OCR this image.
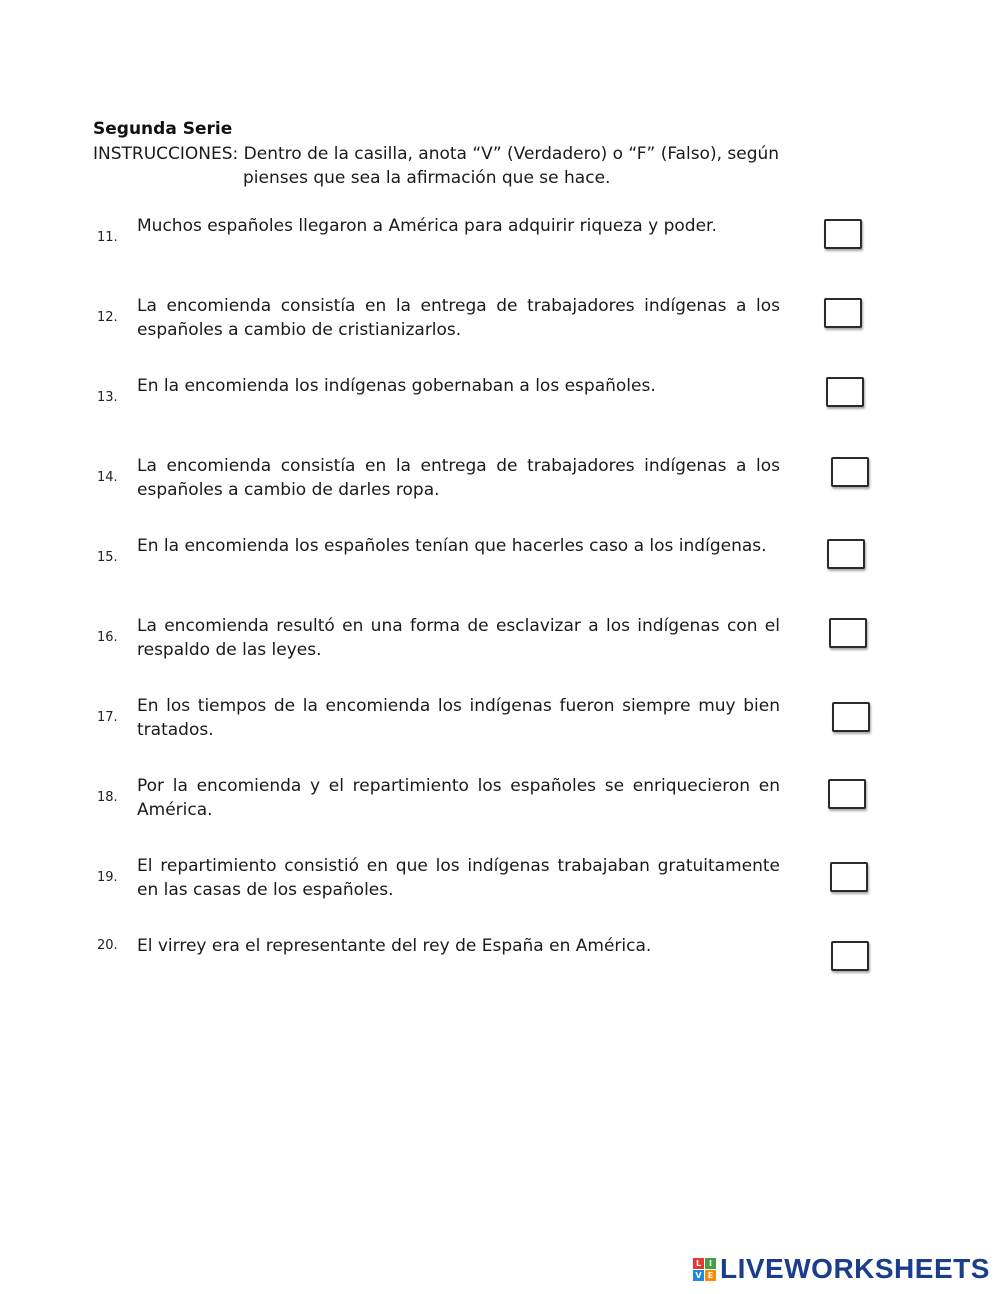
Segunda Serie
INSTRUCCIONES: Dentro de la casilla, anota “V” (Verdadero) o “F” (Falso), según
pienses que sea la afirmación que se hace.
11.
Muchos españoles llegaron a América para adquirir riqueza y poder.
12.
La encomienda consistía en la entrega de trabajadores indígenas a los españoles a cambio de cristianizarlos.
13.
En la encomienda los indígenas gobernaban a los españoles.
14.
La encomienda consistía en la entrega de trabajadores indígenas a los españoles a cambio de darles ropa.
15.
En la encomienda los españoles tenían que hacerles caso a los indígenas.
16.
La encomienda resultó en una forma de esclavizar a los indígenas con el respaldo de las leyes.
17.
En los tiempos de la encomienda los indígenas fueron siempre muy bien tratados.
18.
Por la encomienda y el repartimiento los españoles se enriquecieron en América.
19.
El repartimiento consistió en que los indígenas trabajaban gratuitamente en las casas de los españoles.
20. El virrey era el representante del rey de España en América.
L I
V E LIVEWORKSHEETS
